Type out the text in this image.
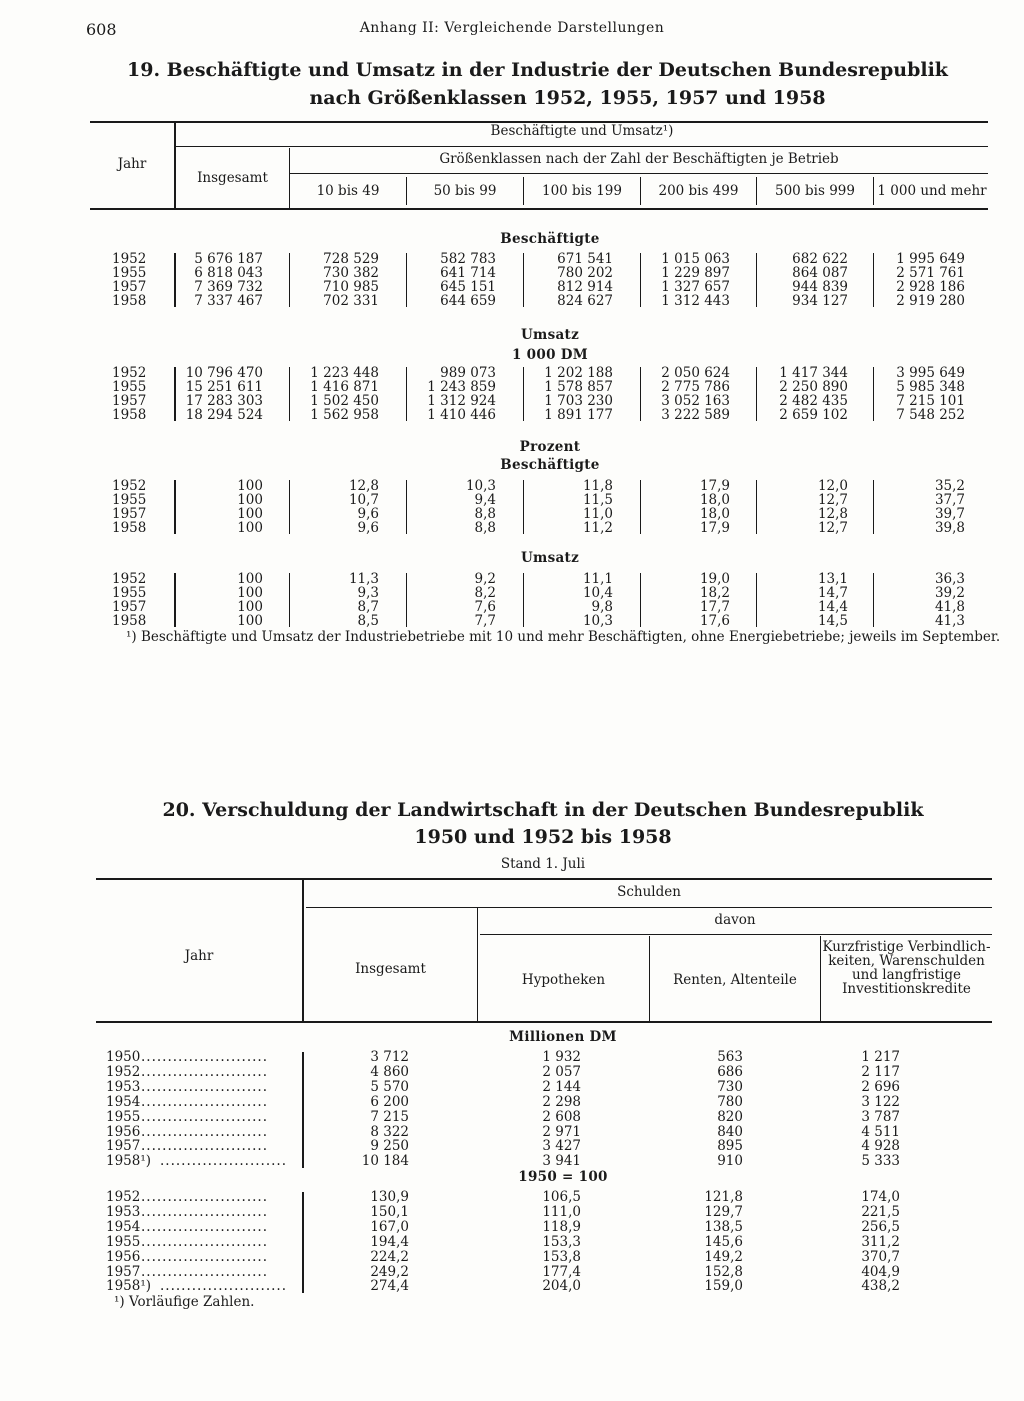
608	Anhang II: Vergleichende Darstellungen
19. Beschäftigte und Umsatz in der Industrie der Deutschen Bundesrepublik
nach Größenklassen 1952, 1955, 1957 und 1958
Jahr
Beschäftigte und Umsatz¹)
Insgesamt
Größenklassen nach der Zahl der Beschäftigten je Betrieb
10 bis 49	50 bis 99	100 bis 199	200 bis 499	500 bis 999	1 000 und mehr
Beschäftigte
1952	5 676 187	728 529	582 783	671 541	1 015 063	682 622	1 995 649
1955	6 818 043	730 382	641 714	780 202	1 229 897	864 087	2 571 761
1957	7 369 732	710 985	645 151	812 914	1 327 657	944 839	2 928 186
1958	7 337 467	702 331	644 659	824 627	1 312 443	934 127	2 919 280
Umsatz
1 000 DM
1952	10 796 470	1 223 448	989 073	1 202 188	2 050 624	1 417 344	3 995 649
1955	15 251 611	1 416 871	1 243 859	1 578 857	2 775 786	2 250 890	5 985 348
1957	17 283 303	1 502 450	1 312 924	1 703 230	3 052 163	2 482 435	7 215 101
1958	18 294 524	1 562 958	1 410 446	1 891 177	3 222 589	2 659 102	7 548 252
Prozent
Beschäftigte
1952	100	12,8	10,3	11,8	17,9	12,0	35,2
1955	100	10,7	9,4	11,5	18,0	12,7	37,7
1957	100	9,6	8,8	11,0	18,0	12,8	39,7
1958	100	9,6	8,8	11,2	17,9	12,7	39,8
Umsatz
1952	100	11,3	9,2	11,1	19,0	13,1	36,3
1955	100	9,3	8,2	10,4	18,2	14,7	39,2
1957	100	8,7	7,6	9,8	17,7	14,4	41,8
1958	100	8,5	7,7	10,3	17,6	14,5	41,3
¹) Beschäftigte und Umsatz der Industriebetriebe mit 10 und mehr Beschäftigten, ohne Energiebetriebe; jeweils im September.
20. Verschuldung der Landwirtschaft in der Deutschen Bundesrepublik
1950 und 1952 bis 1958
Stand 1. Juli
Jahr
Schulden
Insgesamt
davon
Hypotheken	Renten, Altenteile
Kurzfristige Verbindlich-
keiten, Warenschulden
und langfristige
Investitionskredite
Millionen DM
1950 ........................	3 712	1 932	563	1 217
1952 ........................	4 860	2 057	686	2 117
1953 ........................	5 570	2 144	730	2 696
1954 ........................	6 200	2 298	780	3 122
1955 ........................	7 215	2 608	820	3 787
1956 ........................	8 322	2 971	840	4 511
1957 ........................	9 250	3 427	895	4 928
1958¹) ........................	10 184	3 941	910	5 333
1950 = 100
1952 ........................	130,9	106,5	121,8	174,0
1953 ........................	150,1	111,0	129,7	221,5
1954 ........................	167,0	118,9	138,5	256,5
1955 ........................	194,4	153,3	145,6	311,2
1956 ........................	224,2	153,8	149,2	370,7
1957 ........................	249,2	177,4	152,8	404,9
1958¹) ........................	274,4	204,0	159,0	438,2
¹) Vorläufige Zahlen.
